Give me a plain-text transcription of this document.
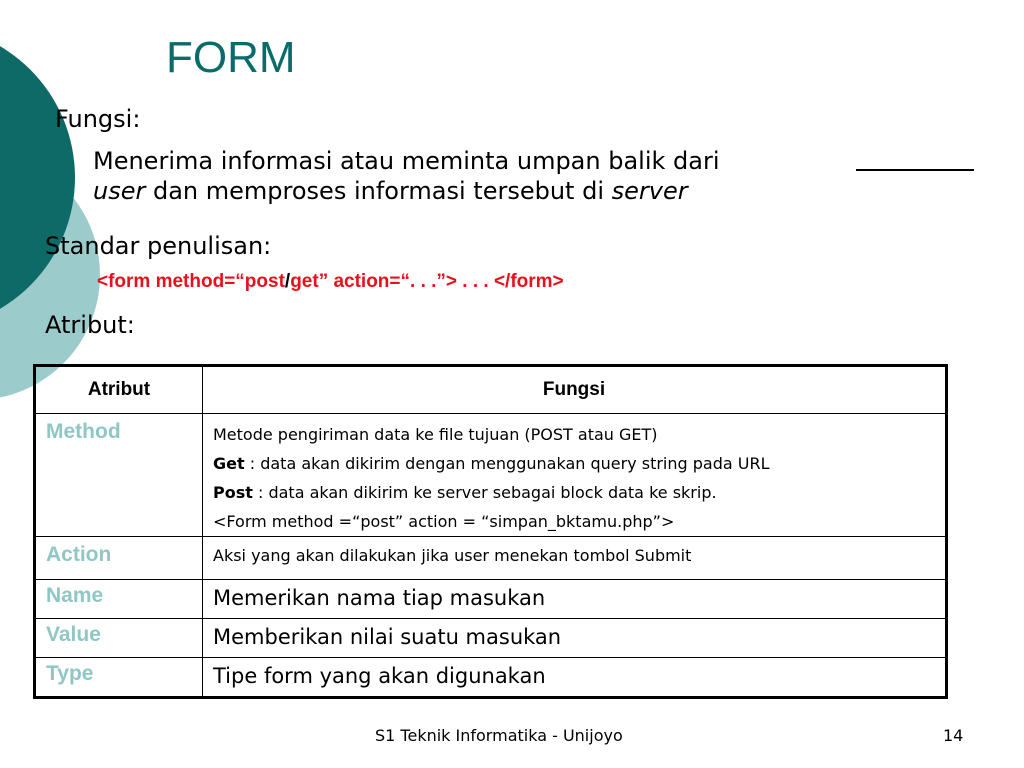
FORM
Fungsi:
Menerima informasi atau meminta umpan balik dari
user dan memproses informasi tersebut di server
Standar penulisan:
<form method=“post/get” action=“. . .”> . . . </form>
Atribut:
Atribut	Fungsi
Method	Metode pengiriman data ke file tujuan (POST atau GET)
Get : data akan dikirim dengan menggunakan query string pada URL
Post : data akan dikirim ke server sebagai block data ke skrip.
<Form method =“post” action = “simpan_bktamu.php”>

Action	Aksi yang akan dilakukan jika user menekan tombol Submit

Name	Memerikan nama tiap masukan

Value	Memberikan nilai suatu masukan

Type	Tipe form yang akan digunakan
S1 Teknik Informatika - Unijoyo	14
